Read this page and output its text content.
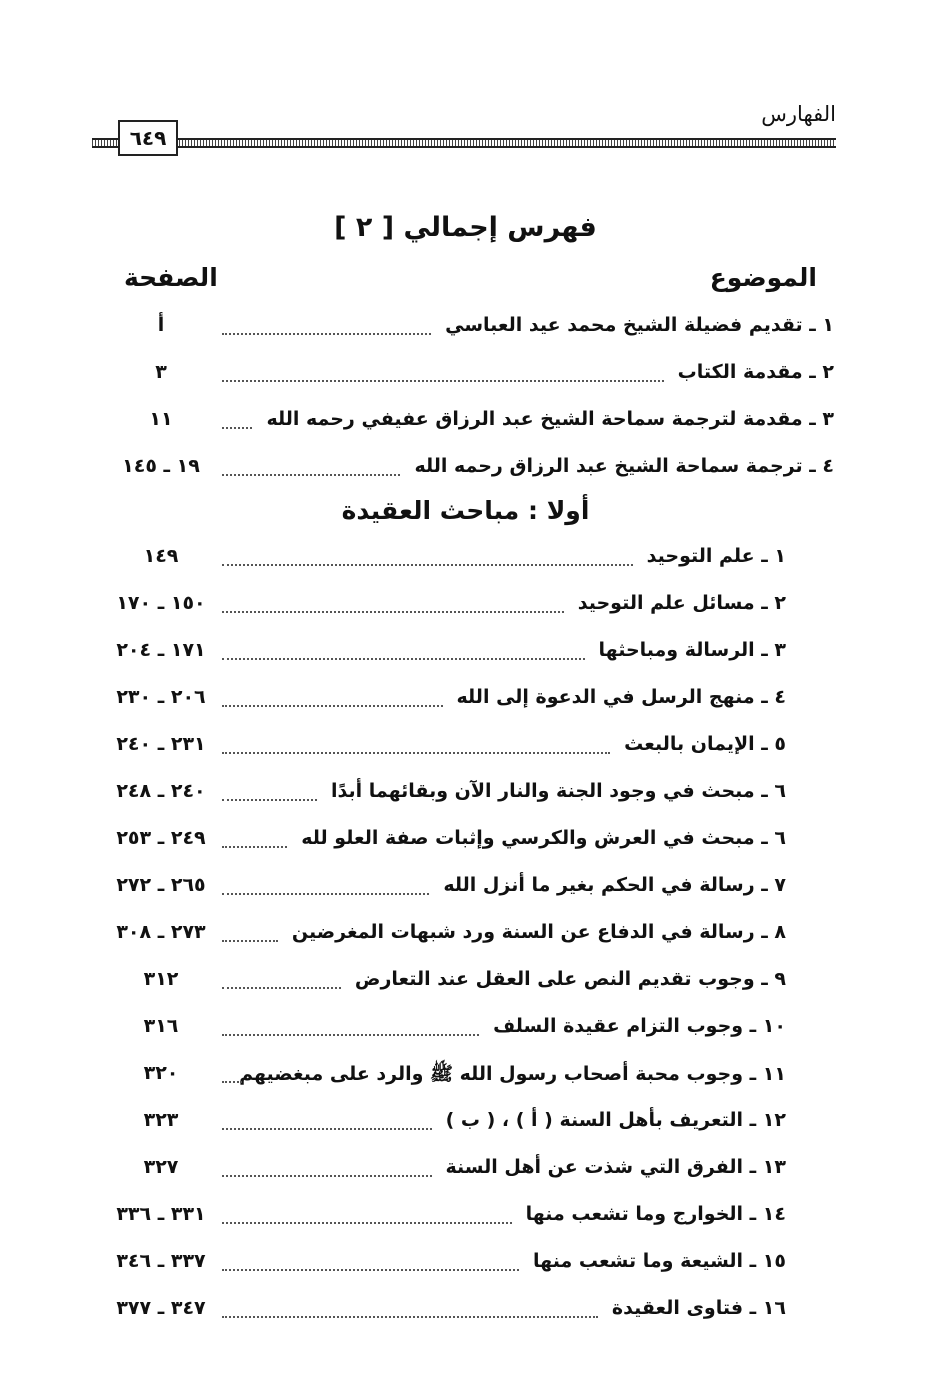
الفهارس
٦٤٩
فهرس إجمالي [ ٢ ]
الموضوع
الصفحة
أولا : مباحث العقيدة
١ ـ تقديم فضيلة الشيخ محمد عيد العباسي
أ
٢ ـ مقدمة الكتاب
٣
٣ ـ مقدمة لترجمة سماحة الشيخ عبد الرزاق عفيفي رحمه الله
١١
٤ ـ ترجمة سماحة الشيخ عبد الرزاق رحمه الله
١٩ ـ ١٤٥
١ ـ علم التوحيد
١٤٩
٢ ـ مسائل علم التوحيد
١٥٠ ـ ١٧٠
٣ ـ الرسالة ومباحثها
١٧١ ـ ٢٠٤
٤ ـ منهج الرسل في الدعوة إلى الله
٢٠٦ ـ ٢٣٠
٥ ـ الإيمان بالبعث
٢٣١ ـ ٢٤٠
٦ ـ مبحث في وجود الجنة والنار الآن وبقائهما أبدًا
٢٤٠ ـ ٢٤٨
٦ ـ مبحث في العرش والكرسي وإثبات صفة العلو لله
٢٤٩ ـ ٢٥٣
٧ ـ رسالة في الحكم بغير ما أنزل الله
٢٦٥ ـ ٢٧٢
٨ ـ رسالة في الدفاع عن السنة ورد شبهات المغرضين
٢٧٣ ـ ٣٠٨
٩ ـ وجوب تقديم النص على العقل عند التعارض
٣١٢
١٠ ـ وجوب التزام عقيدة السلف
٣١٦
١١ ـ وجوب محبة أصحاب رسول الله ﷺ والرد على مبغضيهم
٣٢٠
١٢ ـ التعريف بأهل السنة ( أ ) ، ( ب )
٣٢٣
١٣ ـ الفرق التي شذت عن أهل السنة
٣٢٧
١٤ ـ الخوارج وما تشعب منها
٣٣١ ـ ٣٣٦
١٥ ـ الشيعة وما تشعب منها
٣٣٧ ـ ٣٤٦
١٦ ـ فتاوى العقيدة
٣٤٧ ـ ٣٧٧
